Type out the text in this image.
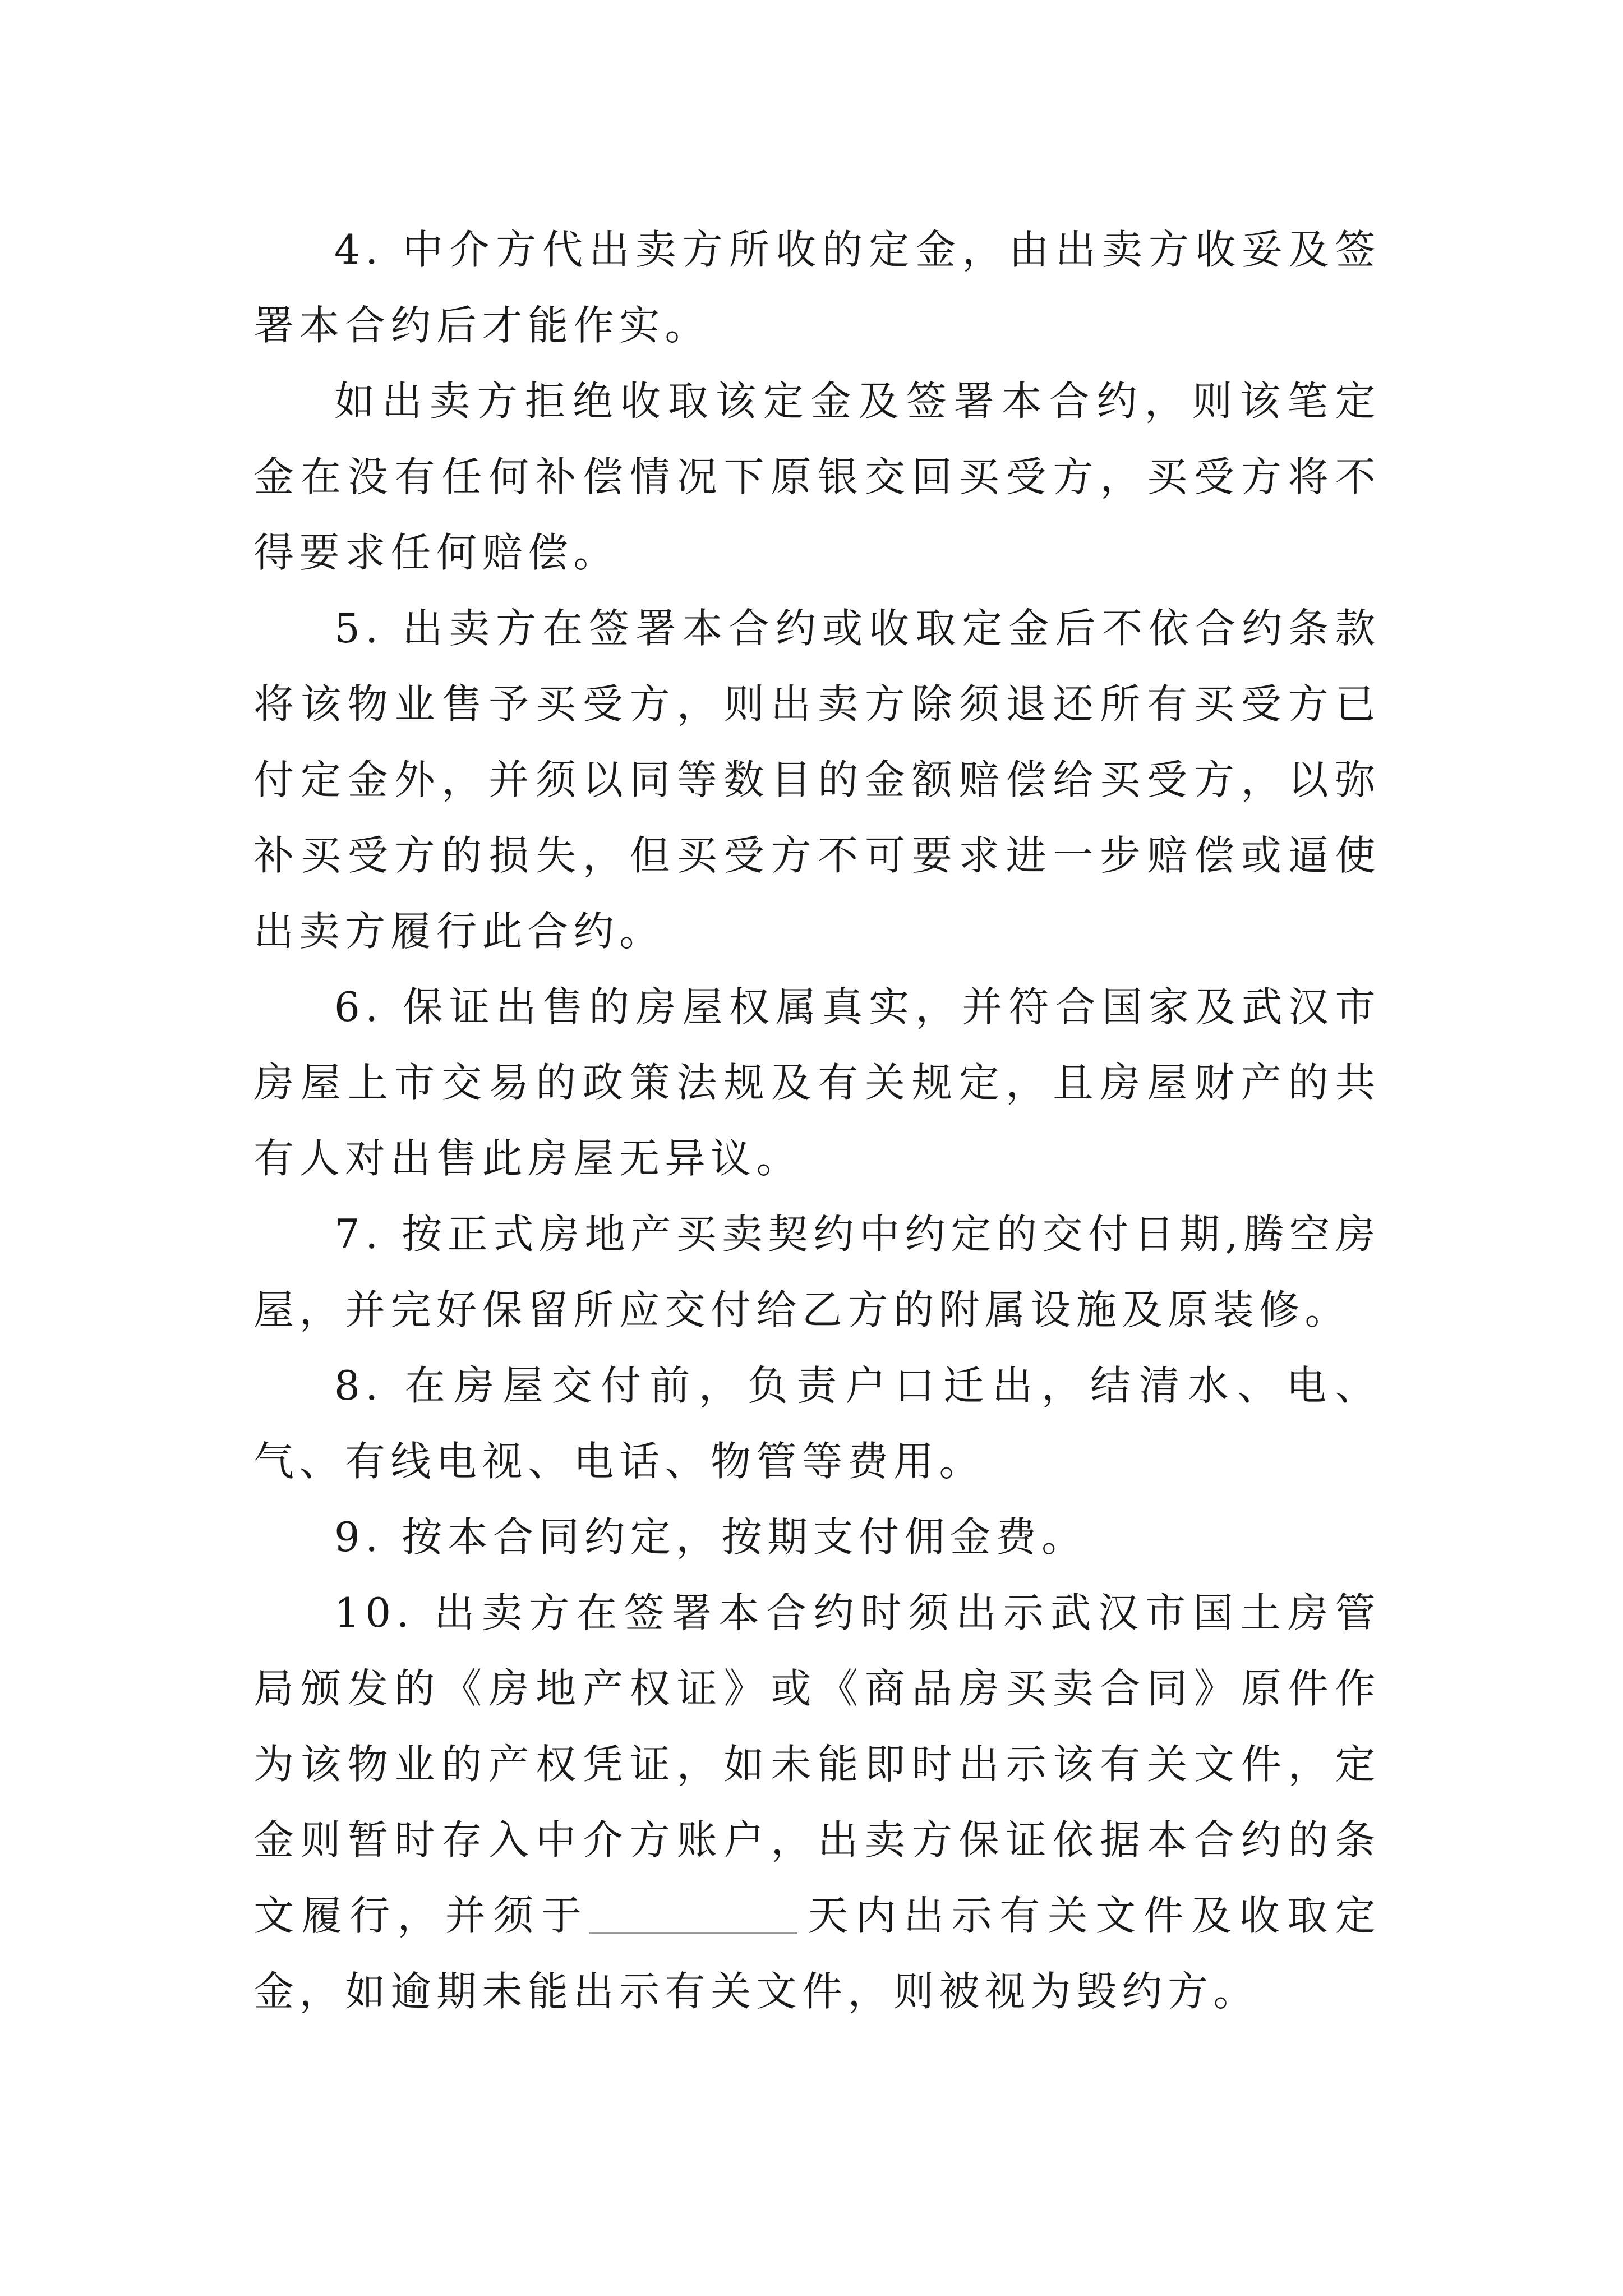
4. 中介方代出卖方所收的定金，由出卖方收妥及签署本合约后才能作实。

如出卖方拒绝收取该定金及签署本合约，则该笔定金在没有任何补偿情况下原银交回买受方，买受方将不得要求任何赔偿。

5. 出卖方在签署本合约或收取定金后不依合约条款将该物业售予买受方，则出卖方除须退还所有买受方已付定金外，并须以同等数目的金额赔偿给买受方，以弥补买受方的损失，但买受方不可要求进一步赔偿或逼使出卖方履行此合约。

6. 保证出售的房屋权属真实，并符合国家及武汉市房屋上市交易的政策法规及有关规定，且房屋财产的共有人对出售此房屋无异议。

7. 按正式房地产买卖契约中约定的交付日期,腾空房屋，并完好保留所应交付给乙方的附属设施及原装修。

8. 在房屋交付前，负责户口迁出，结清水、电、气、有线电视、电话、物管等费用。

9. 按本合同约定，按期支付佣金费。

10. 出卖方在签署本合约时须出示武汉市国土房管局颁发的《房地产权证》或《商品房买卖合同》原件作为该物业的产权凭证，如未能即时出示该有关文件，定金则暂时存入中介方账户，出卖方保证依据本合约的条文履行，并须于	天内出示有关文件及收取定金，如逾期未能出示有关文件，则被视为毁约方。
